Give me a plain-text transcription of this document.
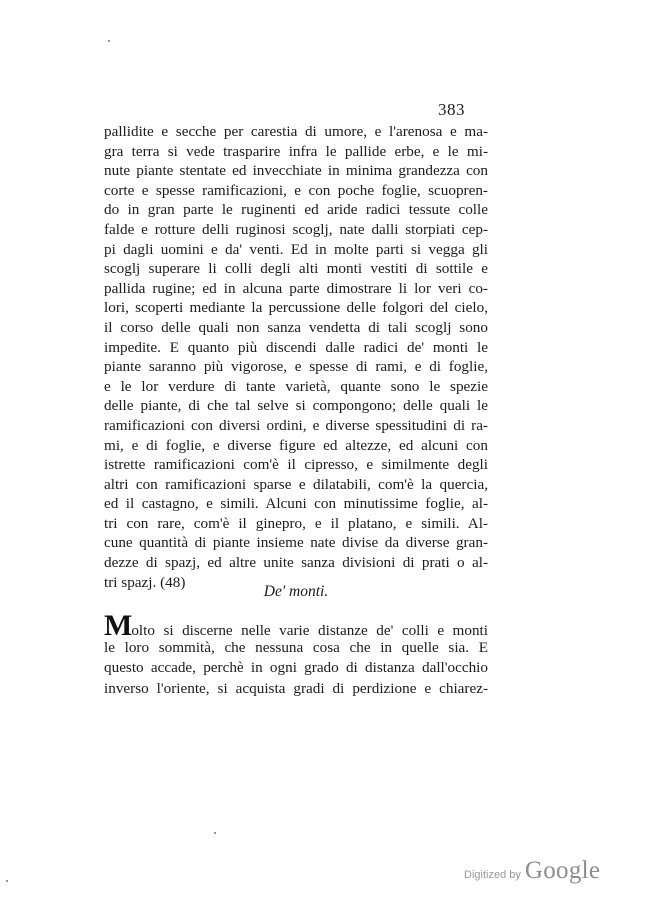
383
pallidite e secche per carestia di umore, e l'arenosa e ma-
gra terra si vede trasparire infra le pallide erbe, e le mi-
nute piante stentate ed invecchiate in minima grandezza con
corte e spesse ramificazioni, e con poche foglie, scuopren-
do in gran parte le ruginenti ed aride radici tessute colle
falde e rotture delli ruginosi scoglj, nate dalli storpiati cep-
pi dagli uomini e da' venti. Ed in molte parti si vegga gli
scoglj superare li colli degli alti monti vestiti di sottile e
pallida rugine; ed in alcuna parte dimostrare li lor veri co-
lori, scoperti mediante la percussione delle folgori del cielo,
il corso delle quali non sanza vendetta di tali scoglj sono
impedite. E quanto più discendi dalle radici de' monti le
piante saranno più vigorose, e spesse di rami, e di foglie,
e le lor verdure di tante varietà, quante sono le spezie
delle piante, di che tal selve si compongono; delle quali le
ramificazioni con diversi ordini, e diverse spessitudini di ra-
mi, e di foglie, e diverse figure ed altezze, ed alcuni con
istrette ramificazioni com'è il cipresso, e similmente degli
altri con ramificazioni sparse e dilatabili, com'è la quercia,
ed il castagno, e simili. Alcuni con minutissime foglie, al-
tri con rare, com'è il ginepro, e il platano, e simili. Al-
cune quantità di piante insieme nate divise da diverse gran-
dezze di spazj, ed altre unite sanza divisioni di prati o al-
tri spazj. (48)
De' monti.
Molto si discerne nelle varie distanze de' colli e monti
le loro sommità, che nessuna cosa che in quelle sia. E
questo accade, perchè in ogni grado di distanza dall'occhio
inverso l'oriente, si acquista gradi di perdizione e chiarez-
Digitized by Google
